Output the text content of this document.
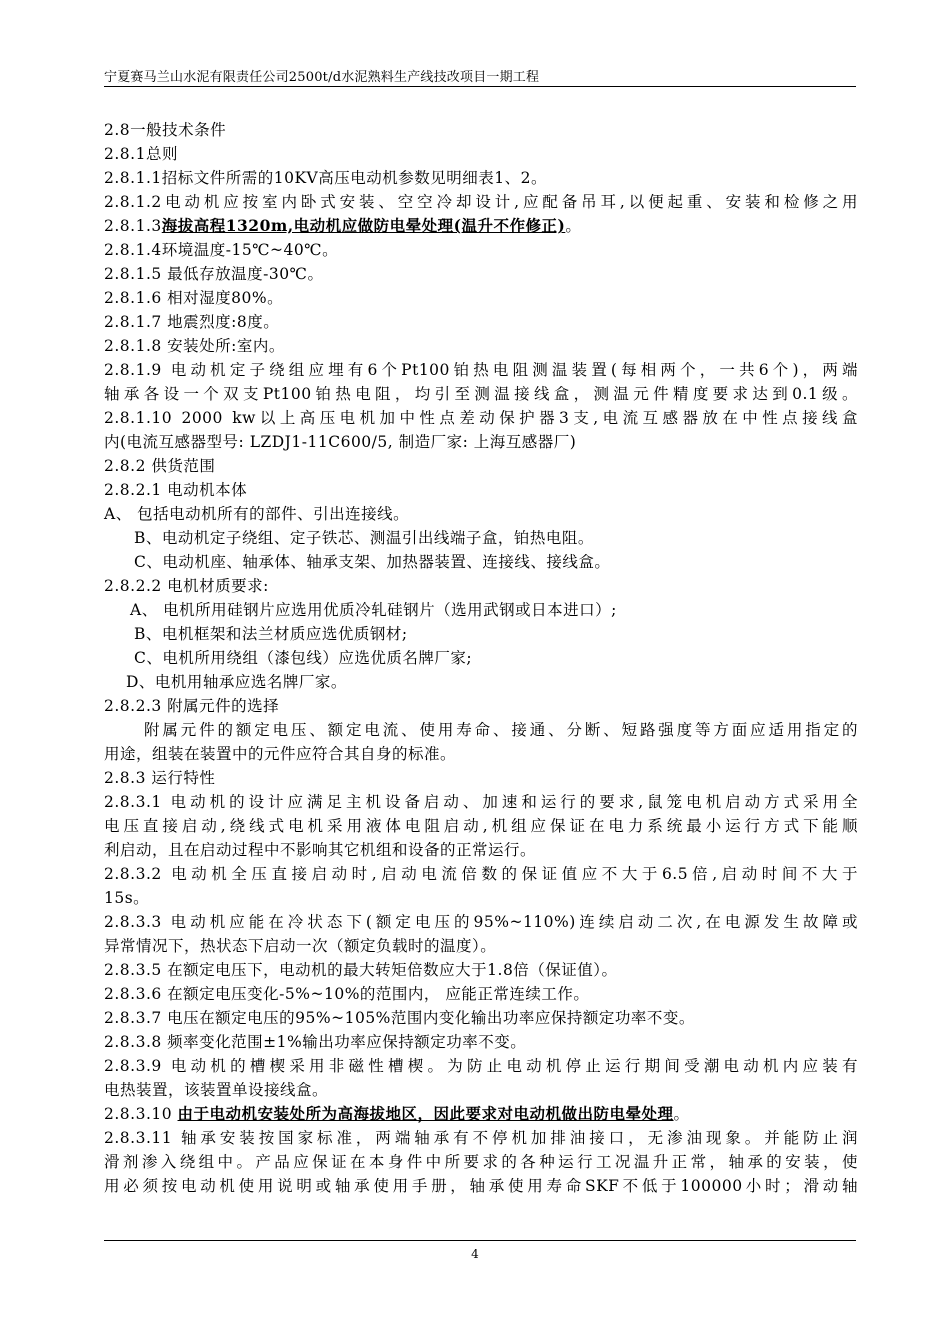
宁夏赛马兰山水泥有限责任公司2500t/d水泥熟料生产线技改项目一期工程
2.8一般技术条件
2.8.1总则
2.8.1.1招标文件所需的10KV高压电动机参数见明细表1、2。
2.8.1.2电动机应按室内卧式安装、空空冷却设计,应配备吊耳,以便起重、安装和检修之用
2.8.1.3海拔高程1320m,电动机应做防电晕处理(温升不作修正)。
2.8.1.4环境温度-15℃~40℃。
2.8.1.5 最低存放温度-30℃。
2.8.1.6 相对湿度80%。
2.8.1.7 地震烈度:8度。
2.8.1.8 安装处所:室内。
2.8.1.9 电动机定子绕组应埋有6个Pt100铂热电阻测温装置(每相两个，一共6个)，两端
轴承各设一个双支Pt100铂热电阻，均引至测温接线盒，测温元件精度要求达到0.1级。
2.8.1.10 2000 kw以上高压电机加中性点差动保护器3支,电流互感器放在中性点接线盒
内(电流互感器型号: LZDJ1-11C600/5, 制造厂家: 上海互感器厂)
2.8.2 供货范围
2.8.2.1 电动机本体
A、 包括电动机所有的部件、引出连接线。
B、电动机定子绕组、定子铁芯、测温引出线端子盒，铂热电阻。
C、电动机座、轴承体、轴承支架、加热器装置、连接线、接线盒。
2.8.2.2 电机材质要求:
A、 电机所用硅钢片应选用优质冷轧硅钢片（选用武钢或日本进口）;
B、电机框架和法兰材质应选优质钢材;
C、电机所用绕组（漆包线）应选优质名牌厂家;
D、电机用轴承应选名牌厂家。
2.8.2.3 附属元件的选择
附属元件的额定电压、额定电流、使用寿命、接通、分断、短路强度等方面应适用指定的
用途，组装在装置中的元件应符合其自身的标准。
2.8.3 运行特性
2.8.3.1 电动机的设计应满足主机设备启动、加速和运行的要求,鼠笼电机启动方式采用全
电压直接启动,绕线式电机采用液体电阻启动,机组应保证在电力系统最小运行方式下能顺
利启动，且在启动过程中不影响其它机组和设备的正常运行。
2.8.3.2 电动机全压直接启动时,启动电流倍数的保证值应不大于6.5倍,启动时间不大于
15s。
2.8.3.3 电动机应能在冷状态下(额定电压的95%~110%)连续启动二次,在电源发生故障或
异常情况下，热状态下启动一次（额定负载时的温度）。
2.8.3.5 在额定电压下，电动机的最大转矩倍数应大于1.8倍（保证值）。
2.8.3.6 在额定电压变化-5%~10%的范围内， 应能正常连续工作。
2.8.3.7 电压在额定电压的95%~105%范围内变化输出功率应保持额定功率不变。
2.8.3.8 频率变化范围±1%输出功率应保持额定功率不变。
2.8.3.9 电动机的槽楔采用非磁性槽楔。为防止电动机停止运行期间受潮电动机内应装有
电热装置，该装置单设接线盒。
2.8.3.10 由于电动机安装处所为高海拔地区，因此要求对电动机做出防电晕处理。
2.8.3.11 轴承安装按国家标准，两端轴承有不停机加排油接口，无渗油现象。并能防止润
滑剂渗入绕组中。产品应保证在本身件中所要求的各种运行工况温升正常，轴承的安装，使
用必须按电动机使用说明或轴承使用手册，轴承使用寿命SKF不低于100000小时；滑动轴
4
